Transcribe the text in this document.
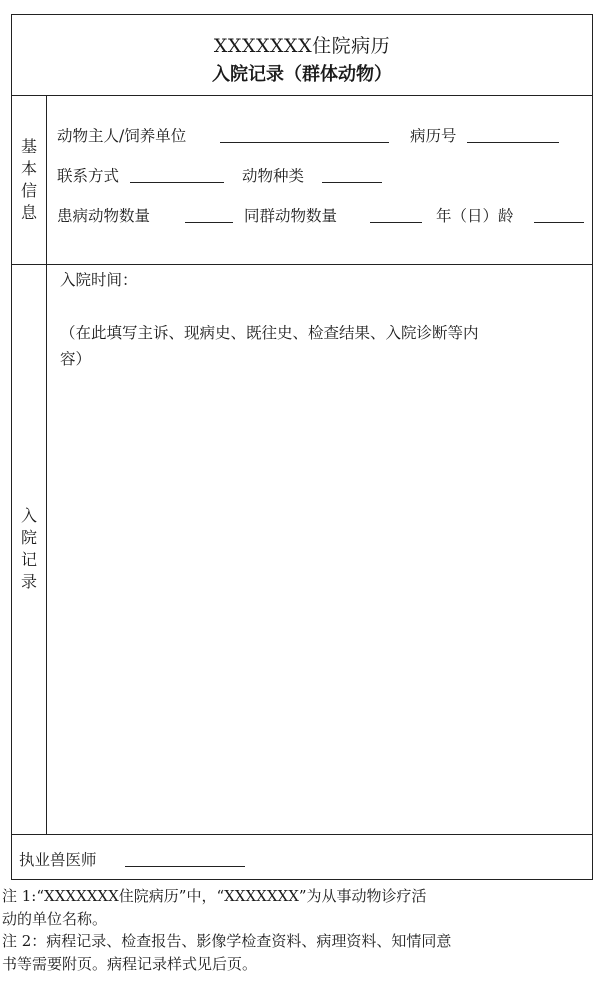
XXXXXXX住院病历
入院记录（群体动物）
基
本
信
息
动物主人/饲养单位	病历号
联系方式	动物种类
患病动物数量	同群动物数量	年（日）龄
入
院
记
录
入院时间：
（在此填写主诉、现病史、既往史、检查结果、入院诊断等内
容）
执业兽医师

注 1:“XXXXXXX住院病历”中，“XXXXXXX”为从事动物诊疗活

动的单位名称。

注 2：病程记录、检查报告、影像学检查资料、病理资料、知情同意

书等需要附页。病程记录样式见后页。
